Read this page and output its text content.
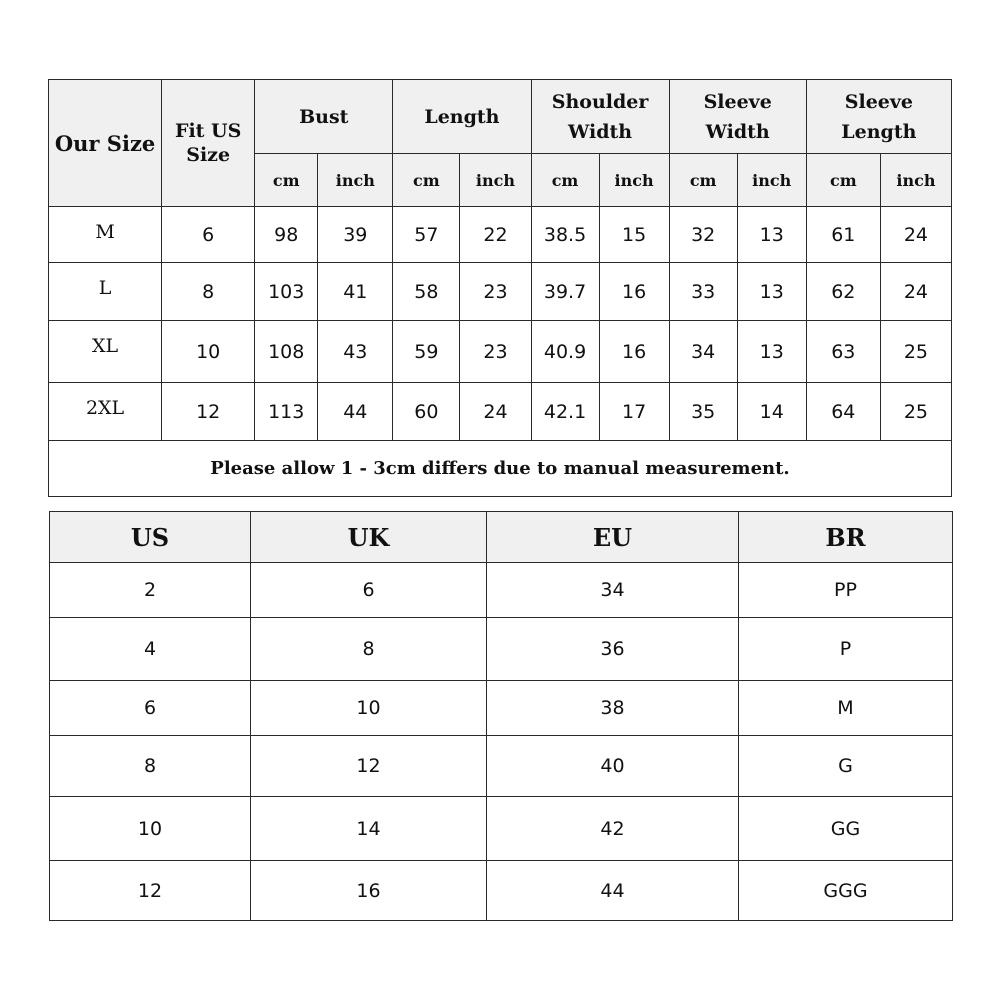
Our Size	Fit US Size	Bust		Length		Shoulder Width		Sleeve Width		Sleeve Length	
		cm	inch	cm	inch	cm	inch	cm	inch	cm	inch
M	6	98	39	57	22	38.5	15	32	13	61	24
L	8	103	41	58	23	39.7	16	33	13	62	24
XL	10	108	43	59	23	40.9	16	34	13	63	25
2XL	12	113	44	60	24	42.1	17	35	14	64	25
Please allow 1 - 3cm differs due to manual measurement.											
US	UK	EU	BR
2	6	34	PP
4	8	36	P
6	10	38	M
8	12	40	G
10	14	42	GG
12	16	44	GGG
